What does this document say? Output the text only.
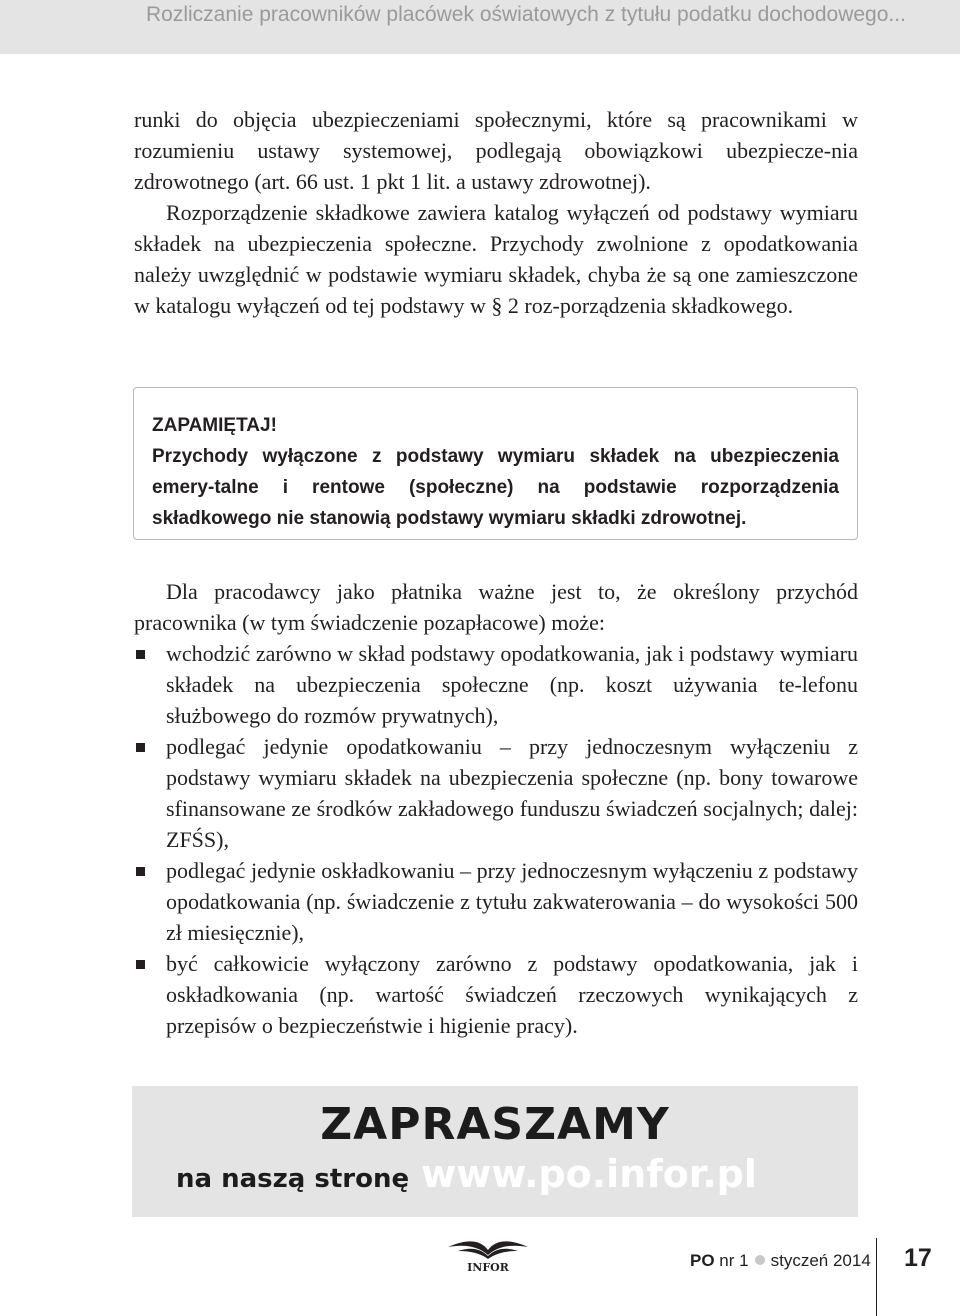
Rozliczanie pracowników placówek oświatowych z tytułu podatku dochodowego...

runki do objęcia ubezpieczeniami społecznymi, które są pracownikami w rozumieniu ustawy systemowej, podlegają obowiązkowi ubezpiecze-nia zdrowotnego (art. 66 ust. 1 pkt 1 lit. a ustawy zdrowotnej).

Rozporządzenie składkowe zawiera katalog wyłączeń od podstawy wymiaru składek na ubezpieczenia społeczne. Przychody zwolnione z opodatkowania należy uwzględnić w podstawie wymiaru składek, chyba że są one zamieszczone w katalogu wyłączeń od tej podstawy w § 2 roz-porządzenia składkowego.

ZAPAMIĘTAJ!

Przychody wyłączone z podstawy wymiaru składek na ubezpieczenia emery-talne i rentowe (społeczne) na podstawie rozporządzenia składkowego nie stanowią podstawy wymiaru składki zdrowotnej.

Dla pracodawcy jako płatnika ważne jest to, że określony przychód pracownika (w tym świadczenie pozapłacowe) może:

wchodzić zarówno w skład podstawy opodatkowania, jak i podstawy wymiaru składek na ubezpieczenia społeczne (np. koszt używania te-lefonu służbowego do rozmów prywatnych),
podlegać jedynie opodatkowaniu – przy jednoczesnym wyłączeniu z podstawy wymiaru składek na ubezpieczenia społeczne (np. bony towarowe sfinansowane ze środków zakładowego funduszu świadczeń socjalnych; dalej: ZFŚS),
podlegać jedynie oskładkowaniu – przy jednoczesnym wyłączeniu z podstawy opodatkowania (np. świadczenie z tytułu zakwaterowania – do wysokości 500 zł miesięcznie),
być całkowicie wyłączony zarówno z podstawy opodatkowania, jak i oskładkowania (np. wartość świadczeń rzeczowych wynikających z przepisów o bezpieczeństwie i higienie pracy).
ZAPRASZAMY
na naszą stronę www.po.infor.pl
INFOR	PO nr 1 styczeń 2014 17
